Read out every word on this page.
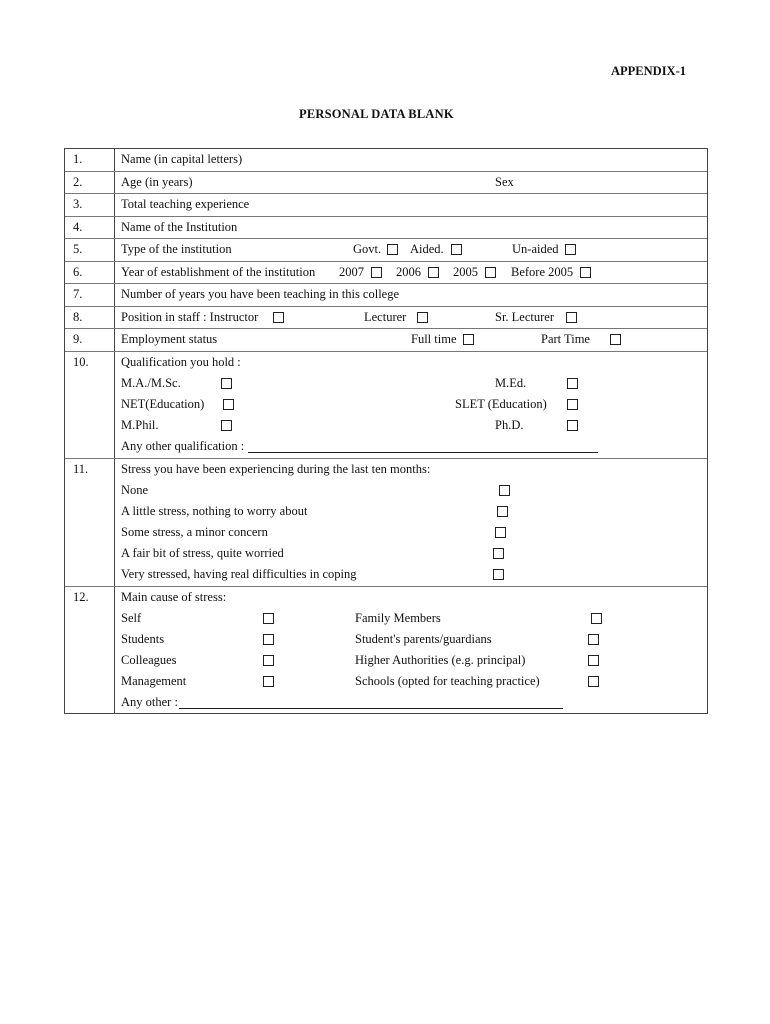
APPENDIX-1
PERSONAL DATA BLANK
1.	Name (in capital letters)
2.	Age (in years)	Sex
3.	Total teaching experience
4.	Name of the Institution
5.	Type of the institution	Govt. Aided.	Un-aided
6.	Year of establishment of the institution 2007	2006	2005	Before 2005
7.	Number of years you have been teaching in this college
8.	Position in staff : Instructor	Lecturer	Sr. Lecturer
9.	Employment status	Full time	Part Time
10.	Qualification you hold :
M.A./M.Sc.	M.Ed.
NET(Education)	SLET (Education)
M.Phil.	Ph.D.
Any other qualification :
11.	Stress you have been experiencing during the last ten months:
None
A little stress, nothing to worry about
Some stress, a minor concern
A fair bit of stress, quite worried
Very stressed, having real difficulties in coping
12.	Main cause of stress:
Self	Family Members
Students	Student's parents/guardians
Colleagues	Higher Authorities (e.g. principal)
Management	Schools (opted for teaching practice)
Any other :
